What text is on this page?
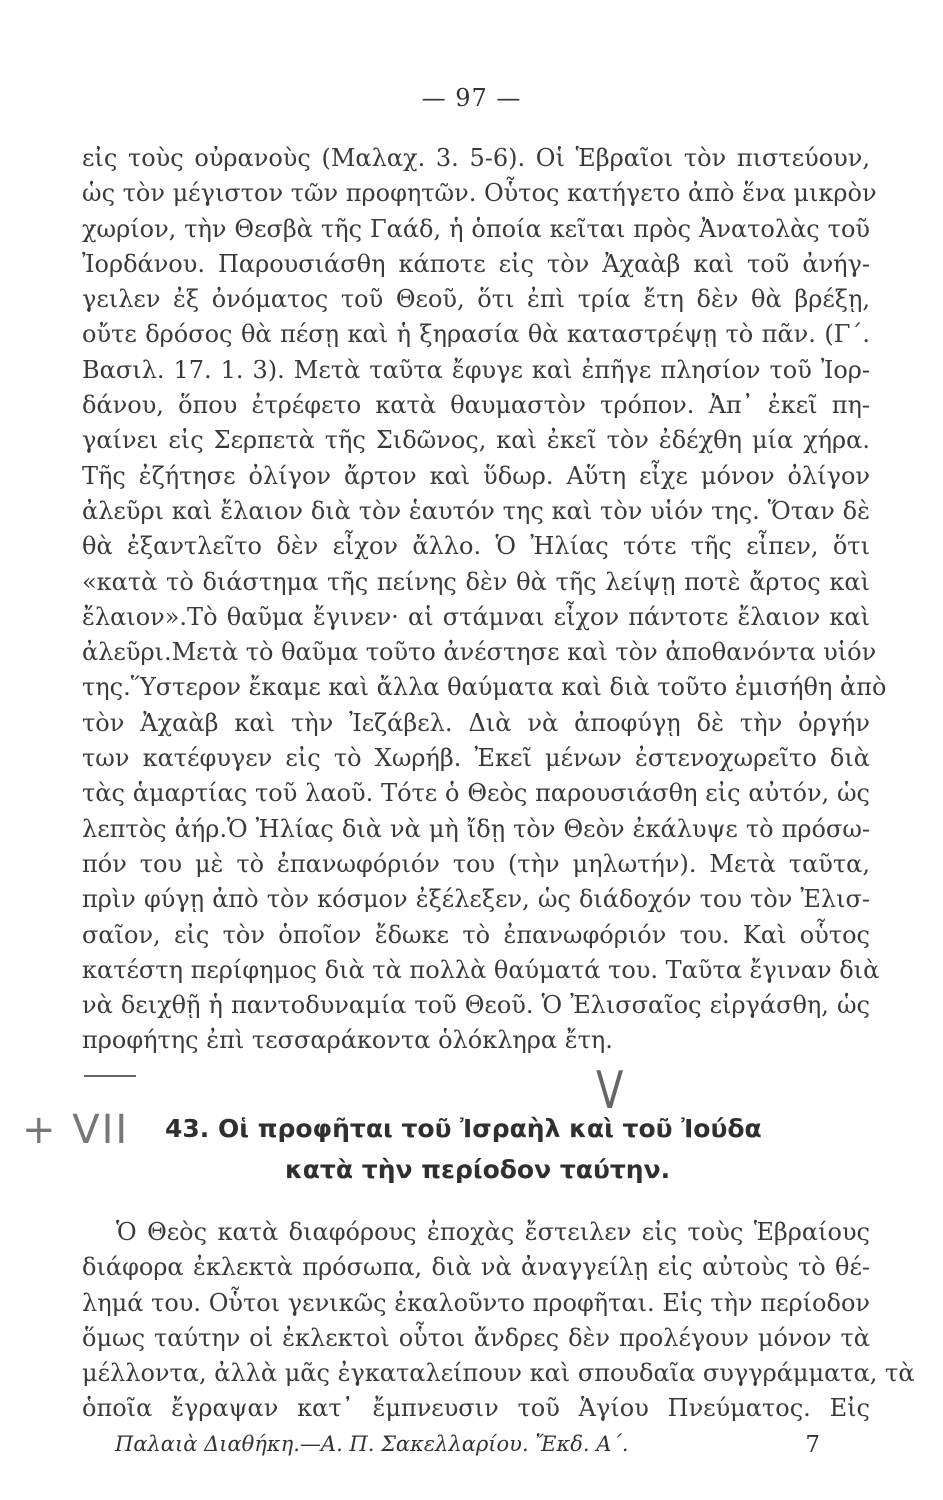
— 97 —
εἰς τοὺς οὐρανοὺς (Μαλαχ. 3. 5-6). Οἱ Ἑβραῖοι τὸν πιστεύουν,
ὡς τὸν μέγιστον τῶν προφητῶν. Οὗτος κατήγετο ἀπὸ ἕνα μικρὸν
χωρίον, τὴν Θεσβὰ τῆς Γαάδ, ἡ ὁποία κεῖται πρὸς Ἀνατολὰς τοῦ
Ἰορδάνου. Παρουσιάσθη κάποτε εἰς τὸν Ἀχαὰβ καὶ τοῦ ἀνήγ-
γειλεν ἐξ ὀνόματος τοῦ Θεοῦ, ὅτι ἐπὶ τρία ἔτη δὲν θὰ βρέξῃ,
οὔτε δρόσος θὰ πέσῃ καὶ ἡ ξηρασία θὰ καταστρέψῃ τὸ πᾶν. (Γ΄.
Βασιλ. 17. 1. 3). Μετὰ ταῦτα ἔφυγε καὶ ἐπῆγε πλησίον τοῦ Ἰορ-
δάνου, ὅπου ἐτρέφετο κατὰ θαυμαστὸν τρόπον. Ἀπ᾽ ἐκεῖ πη-
γαίνει εἰς Σερπετὰ τῆς Σιδῶνος, καὶ ἐκεῖ τὸν ἐδέχθη μία χήρα.
Τῆς ἐζήτησε ὀλίγον ἄρτον καὶ ὕδωρ. Αὕτη εἶχε μόνον ὀλίγον
ἀλεῦρι καὶ ἔλαιον διὰ τὸν ἑαυτόν της καὶ τὸν υἱόν της. Ὅταν δὲ
θὰ ἐξαντλεῖτο δὲν εἶχον ἄλλο. Ὁ Ἠλίας τότε τῆς εἶπεν, ὅτι
«κατὰ τὸ διάστημα τῆς πείνης δὲν θὰ τῆς λείψῃ ποτὲ ἄρτος καὶ
ἔλαιον».Τὸ θαῦμα ἔγινεν· αἱ στάμναι εἶχον πάντοτε ἔλαιον καὶ
ἀλεῦρι.Μετὰ τὸ θαῦμα τοῦτο ἀνέστησε καὶ τὸν ἀποθανόντα υἱόν
της.Ὕστερον ἔκαμε καὶ ἄλλα θαύματα καὶ διὰ τοῦτο ἐμισήθη ἀπὸ
τὸν Ἀχαὰβ καὶ τὴν Ἰεζάβελ. Διὰ νὰ ἀποφύγῃ δὲ τὴν ὀργήν
των κατέφυγεν εἰς τὸ Χωρήβ. Ἐκεῖ μένων ἐστενοχωρεῖτο διὰ
τὰς ἁμαρτίας τοῦ λαοῦ. Τότε ὁ Θεὸς παρουσιάσθη εἰς αὐτόν, ὡς
λεπτὸς ἀήρ.Ὁ Ἠλίας διὰ νὰ μὴ ἴδῃ τὸν Θεὸν ἐκάλυψε τὸ πρόσω-
πόν του μὲ τὸ ἐπανωφόριόν του (τὴν μηλωτήν). Μετὰ ταῦτα,
πρὶν φύγῃ ἀπὸ τὸν κόσμον ἐξέλεξεν, ὡς διάδοχόν του τὸν Ἐλισ-
σαῖον, εἰς τὸν ὁποῖον ἔδωκε τὸ ἐπανωφόριόν του. Καὶ οὗτος
κατέστη περίφημος διὰ τὰ πολλὰ θαύματά του. Ταῦτα ἔγιναν διὰ
νὰ δειχθῇ ἡ παντοδυναμία τοῦ Θεοῦ. Ὁ Ἐλισσαῖος εἰργάσθη, ὡς
προφήτης ἐπὶ τεσσαράκοντα ὁλόκληρα ἔτη.
V
+ VII 43. Οἱ προφῆται τοῦ Ἰσραὴλ καὶ τοῦ Ἰούδα
κατὰ τὴν περίοδον ταύτην.
Ὁ Θεὸς κατὰ διαφόρους ἐποχὰς ἔστειλεν εἰς τοὺς Ἑβραίους
διάφορα ἐκλεκτὰ πρόσωπα, διὰ νὰ ἀναγγείλῃ εἰς αὐτοὺς τὸ θέ-
λημά του. Οὗτοι γενικῶς ἐκαλοῦντο προφῆται. Εἰς τὴν περίοδον
ὅμως ταύτην οἱ ἐκλεκτοὶ οὗτοι ἄνδρες δὲν προλέγουν μόνον τὰ
μέλλοντα, ἀλλὰ μᾶς ἐγκαταλείπουν καὶ σπουδαῖα συγγράμματα, τὰ
ὁποῖα ἔγραψαν κατ᾽ ἔμπνευσιν τοῦ Ἁγίου Πνεύματος. Εἰς
Παλαιὰ Διαθήκη.—Α. Π. Σακελλαρίου. Ἔκδ. Α΄.	7
